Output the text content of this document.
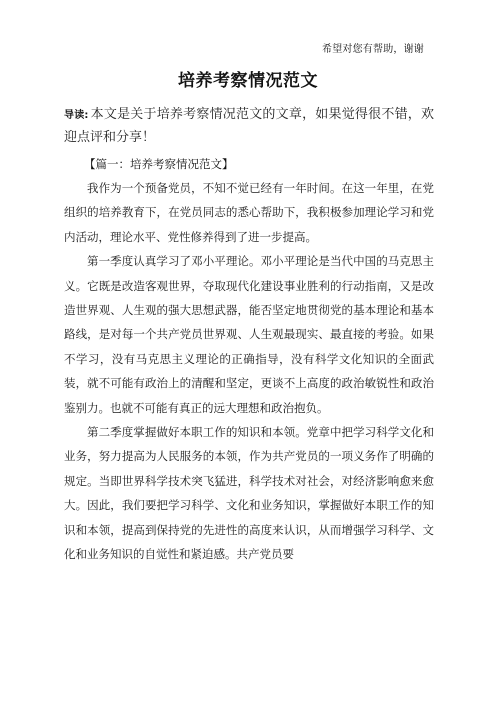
希望对您有帮助，谢谢
培养考察情况范文

导读: 本文是关于培养考察情况范文的文章，如果觉得很不错，欢迎点评和分享！

【篇一：培养考察情况范文】

我作为一个预备党员，不知不觉已经有一年时间。在这一年里，在党组织的培养教育下，在党员同志的悉心帮助下，我积极参加理论学习和党内活动，理论水平、党性修养得到了进一步提高。

第一季度认真学习了邓小平理论。邓小平理论是当代中国的马克思主义。它既是改造客观世界，夺取现代化建设事业胜利的行动指南，又是改造世界观、人生观的强大思想武器，能否坚定地贯彻党的基本理论和基本路线，是对每一个共产党员世界观、人生观最现实、最直接的考验。如果不学习，没有马克思主义理论的正确指导，没有科学文化知识的全面武装，就不可能有政治上的清醒和坚定，更谈不上高度的政治敏锐性和政治鉴别力。也就不可能有真正的远大理想和政治抱负。

第二季度掌握做好本职工作的知识和本领。党章中把学习科学文化和业务，努力提高为人民服务的本领，作为共产党员的一项义务作了明确的规定。当即世界科学技术突飞猛进，科学技术对社会，对经济影响愈来愈大。因此，我们要把学习科学、文化和业务知识，掌握做好本职工作的知识和本领，提高到保持党的先进性的高度来认识，从而增强学习科学、文化和业务知识的自觉性和紧迫感。共产党员要
